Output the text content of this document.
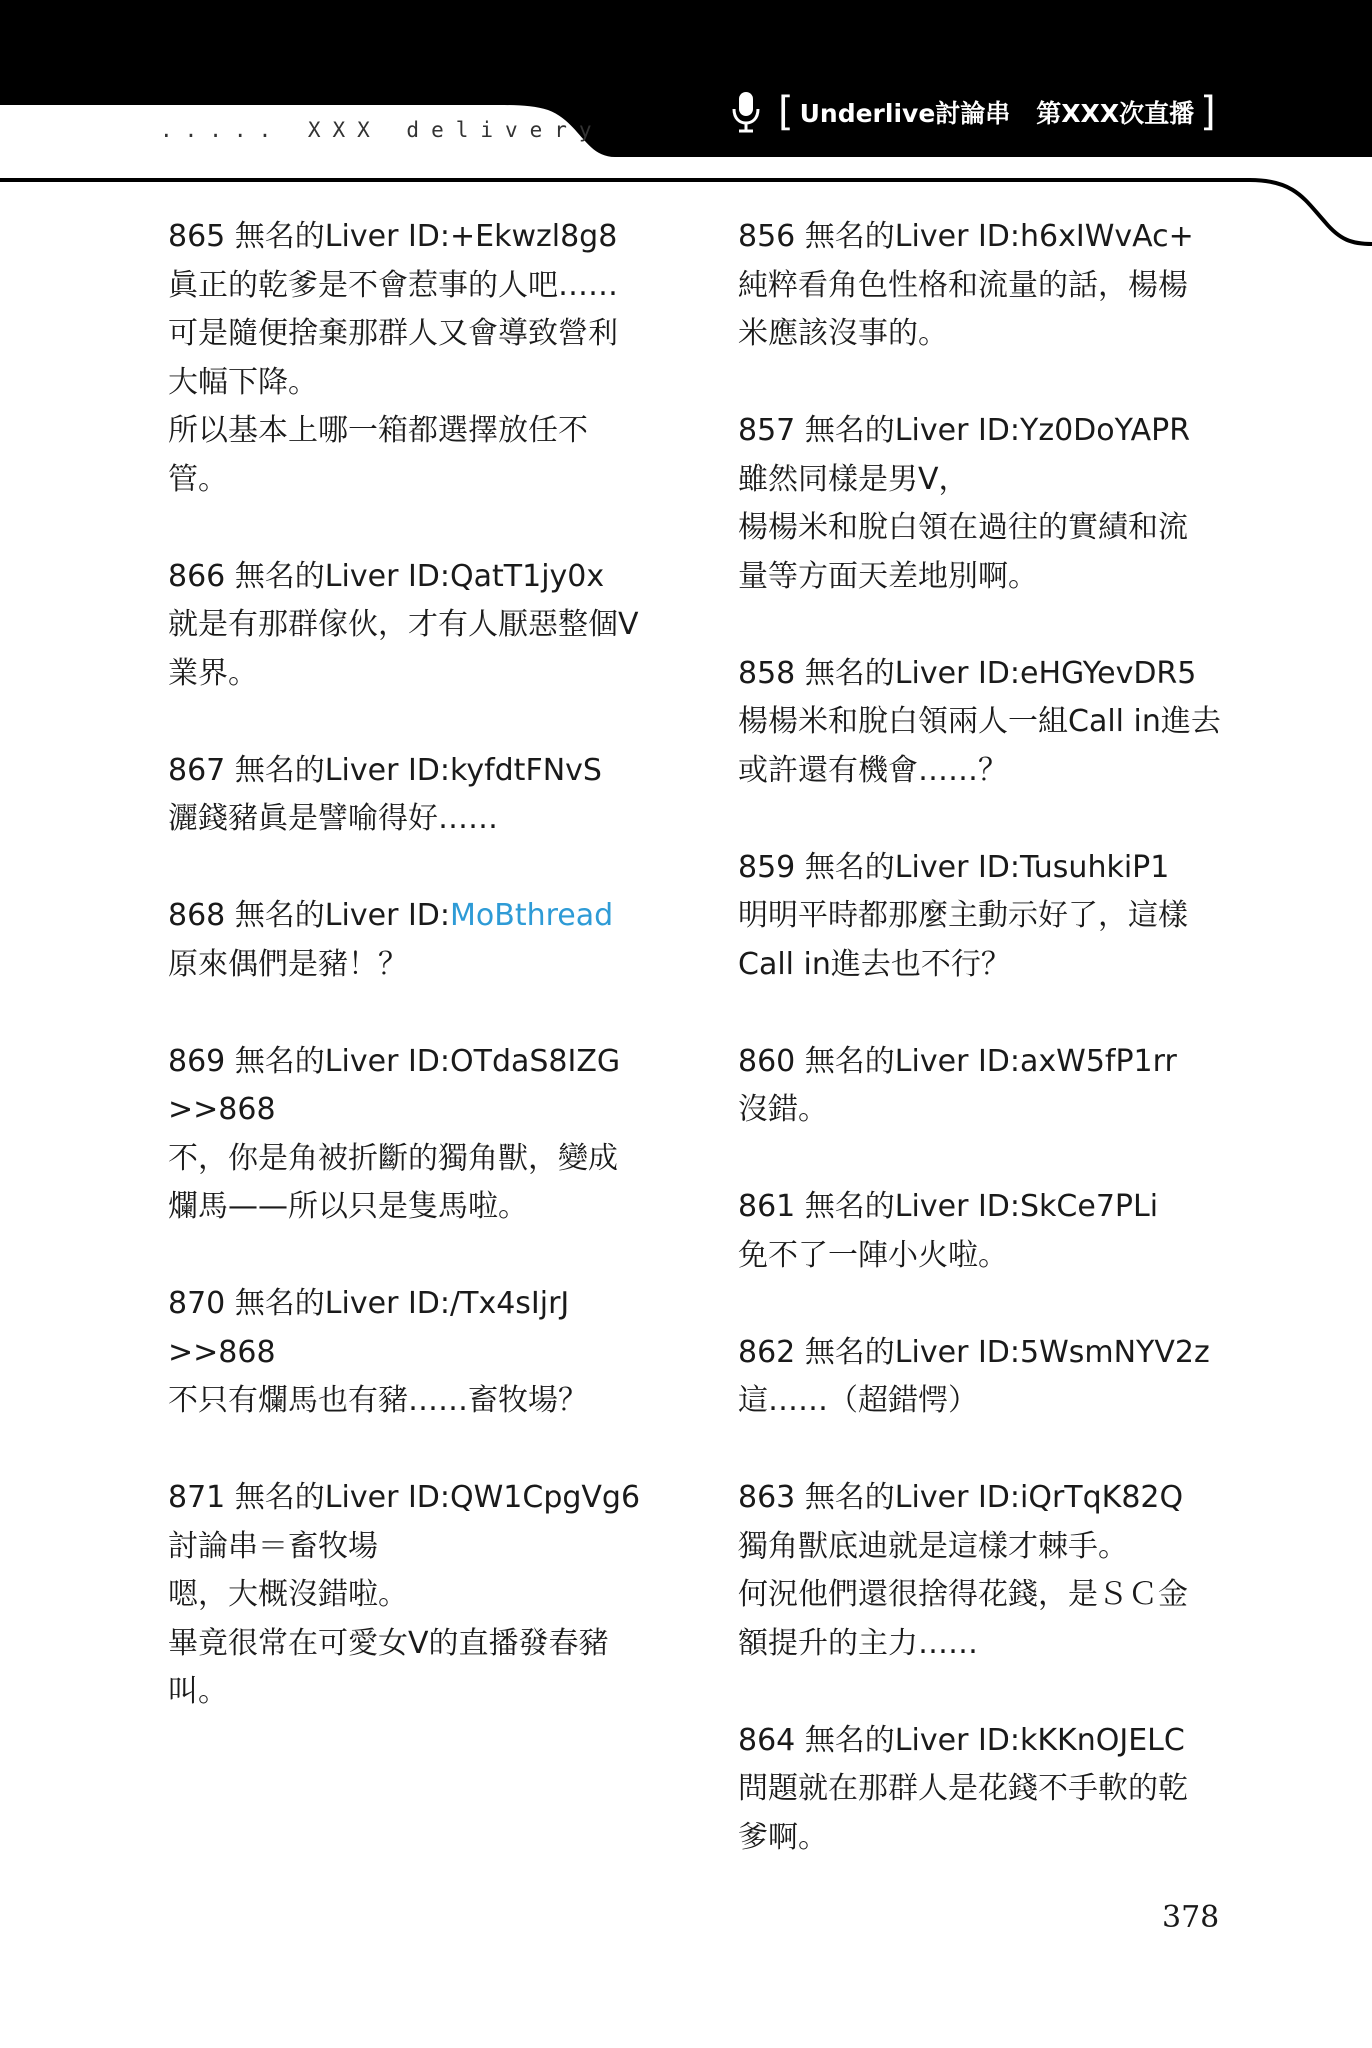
..... XXX delivery	[ Underlive討論串 第XXX次直播 ]
865 無名的Liver ID:+Ekwzl8g8
眞正的乾爹是不會惹事的人吧……
可是隨便捨棄那群人又會導致營利
大幅下降。
所以基本上哪一箱都選擇放任不
管。
866 無名的Liver ID:QatT1jy0x
就是有那群傢伙，才有人厭惡整個V
業界。
867 無名的Liver ID:kyfdtFNvS
灑錢豬眞是譬喻得好……
868 無名的Liver ID:MoBthread
原來偶們是豬！？
869 無名的Liver ID:OTdaS8IZG
>>868
不，你是角被折斷的獨角獸，變成
爛馬——所以只是隻馬啦。
870 無名的Liver ID:/Tx4sIjrJ
>>868
不只有爛馬也有豬……畜牧場？
871 無名的Liver ID:QW1CpgVg6
討論串＝畜牧場
嗯，大概沒錯啦。
畢竟很常在可愛女V的直播發春豬
叫。
856 無名的Liver ID:h6xIWvAc+
純粹看角色性格和流量的話，楊楊
米應該沒事的。
857 無名的Liver ID:Yz0DoYAPR
雖然同樣是男V，
楊楊米和脫白領在過往的實績和流
量等方面天差地別啊。
858 無名的Liver ID:eHGYevDR5
楊楊米和脫白領兩人一組Call in進去
或許還有機會……？
859 無名的Liver ID:TusuhkiP1
明明平時都那麼主動示好了，這樣
Call in進去也不行？
860 無名的Liver ID:axW5fP1rr
沒錯。
861 無名的Liver ID:SkCe7PLi
免不了一陣小火啦。
862 無名的Liver ID:5WsmNYV2z
這……（超錯愕）
863 無名的Liver ID:iQrTqK82Q
獨角獸底迪就是這樣才棘手。
何況他們還很捨得花錢，是ＳＣ金
額提升的主力……
864 無名的Liver ID:kKKnOJELC
問題就在那群人是花錢不手軟的乾
爹啊。
378
